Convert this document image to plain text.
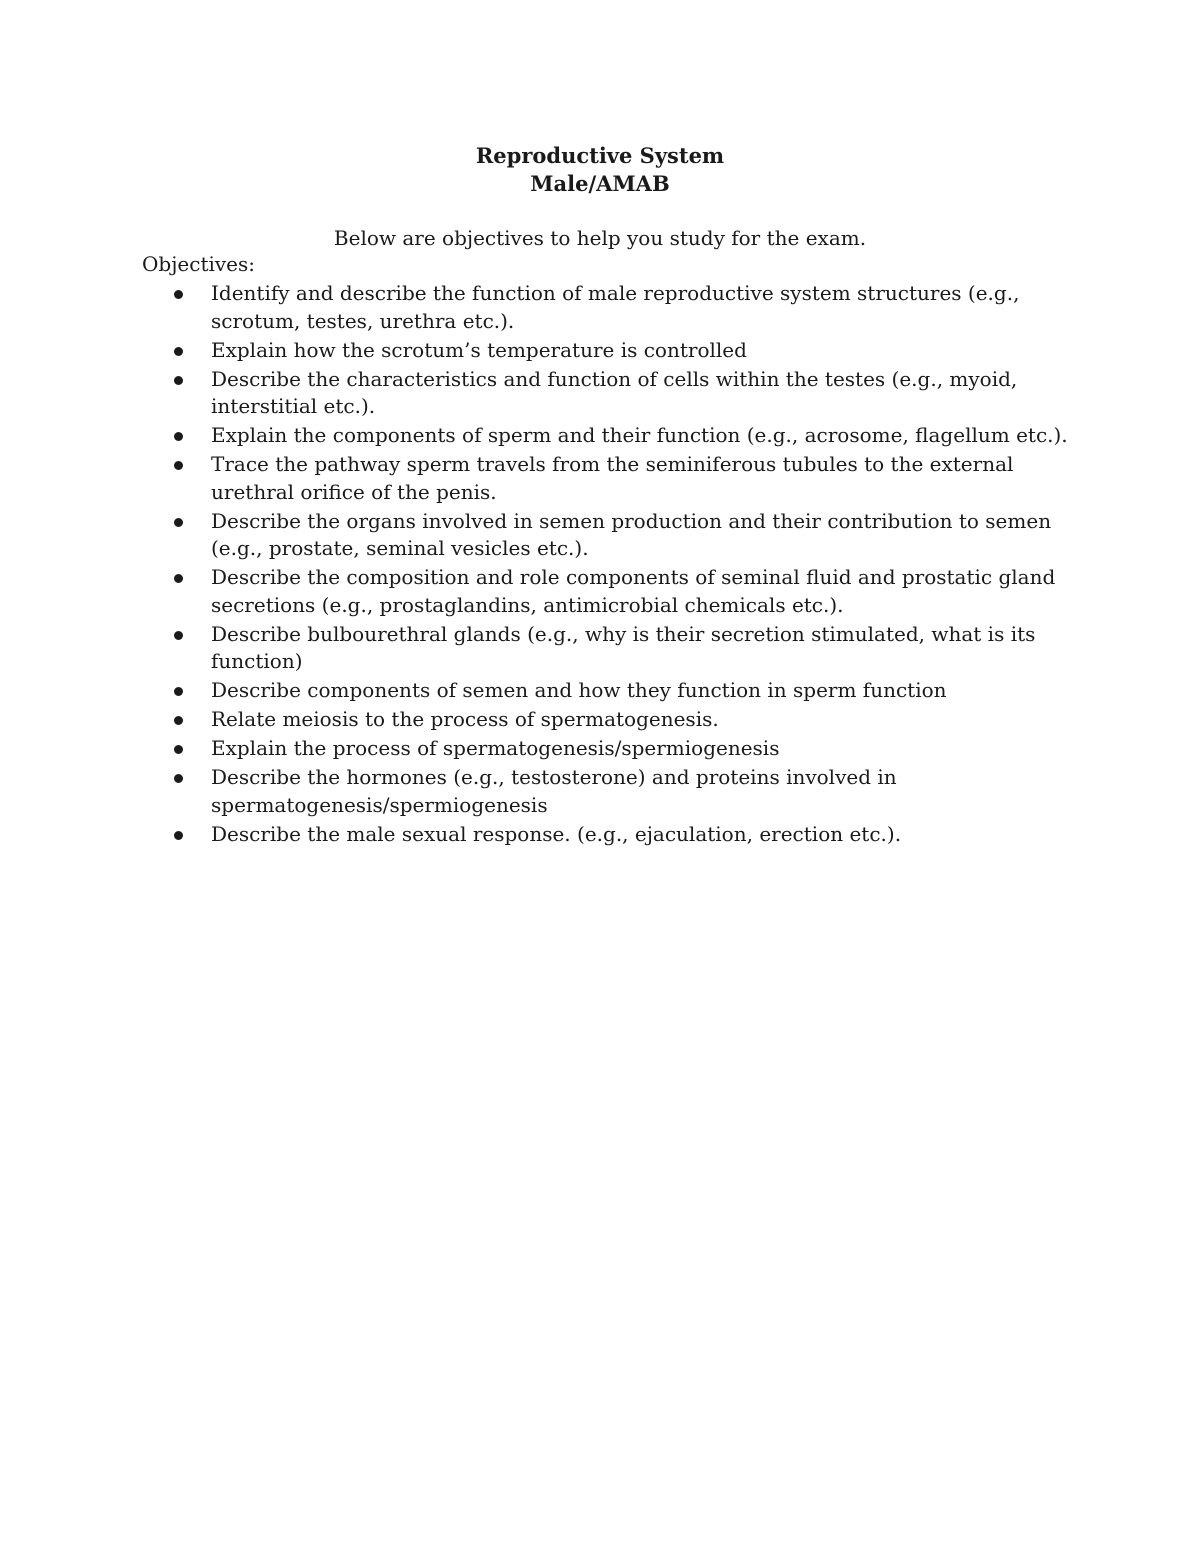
Reproductive System
Male/AMAB
Below are objectives to help you study for the exam.
Objectives:
Identify and describe the function of male reproductive system structures (e.g., scrotum, testes, urethra etc.).
Explain how the scrotum’s temperature is controlled
Describe the characteristics and function of cells within the testes (e.g., myoid, interstitial etc.).
Explain the components of sperm and their function (e.g., acrosome, flagellum etc.).
Trace the pathway sperm travels from the seminiferous tubules to the external urethral orifice of the penis.
Describe the organs involved in semen production and their contribution to semen (e.g., prostate, seminal vesicles etc.).
Describe the composition and role components of seminal fluid and prostatic gland secretions (e.g., prostaglandins, antimicrobial chemicals etc.).
Describe bulbourethral glands (e.g., why is their secretion stimulated, what is its function)
Describe components of semen and how they function in sperm function
Relate meiosis to the process of spermatogenesis.
Explain the process of spermatogenesis/spermiogenesis
Describe the hormones (e.g., testosterone) and proteins involved in spermatogenesis/spermiogenesis
Describe the male sexual response. (e.g., ejaculation, erection etc.).
